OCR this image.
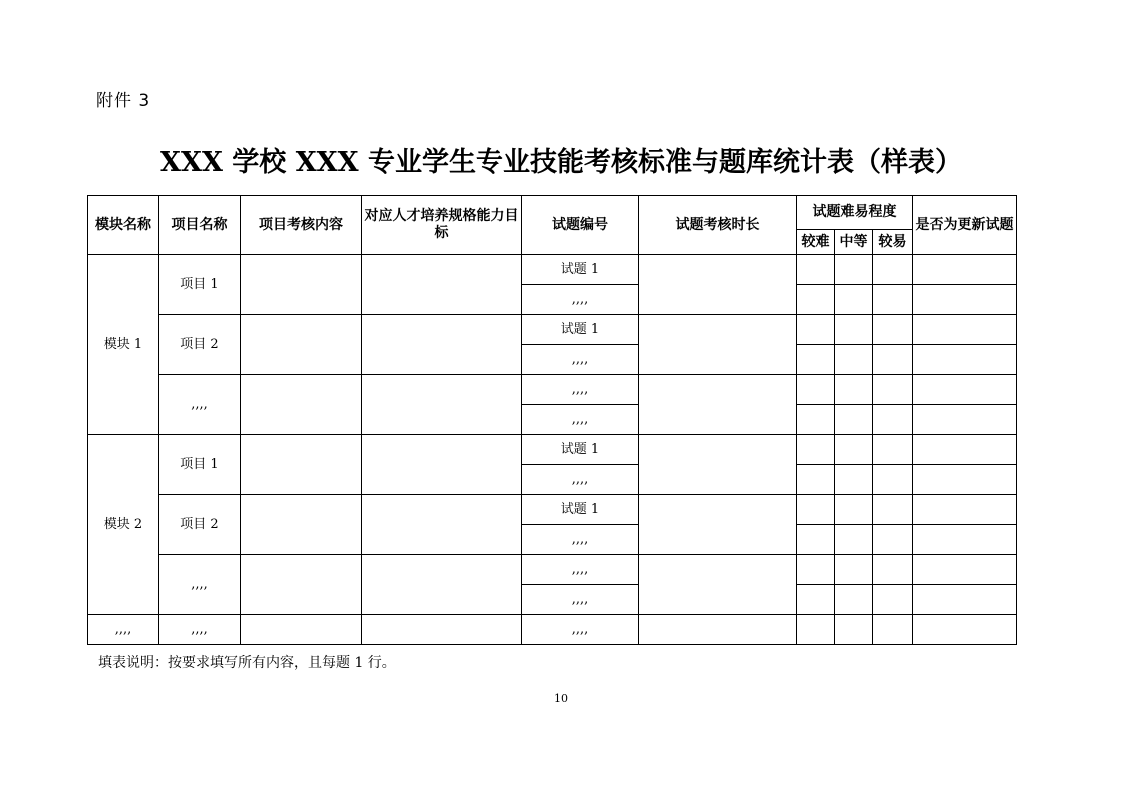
附件 3
XXX 学校 XXX 专业学生专业技能考核标准与题库统计表（样表）
模块名称	项目名称	项目考核内容	对应人才培养规格能力目标	试题编号	试题考核时长	试题难易程度			是否为更新试题
						较难	中等	较易	
模块 1	项目 1			试题 1					
				,,,,					
	项目 2			试题 1					
				,,,,					
	,,,,			,,,,					
				,,,,					
模块 2	项目 1			试题 1					
				,,,,					
	项目 2			试题 1					
				,,,,					
	,,,,			,,,,					
				,,,,					
,,,,	,,,,			,,,,					
填表说明：按要求填写所有内容，且每题 1 行。
10
